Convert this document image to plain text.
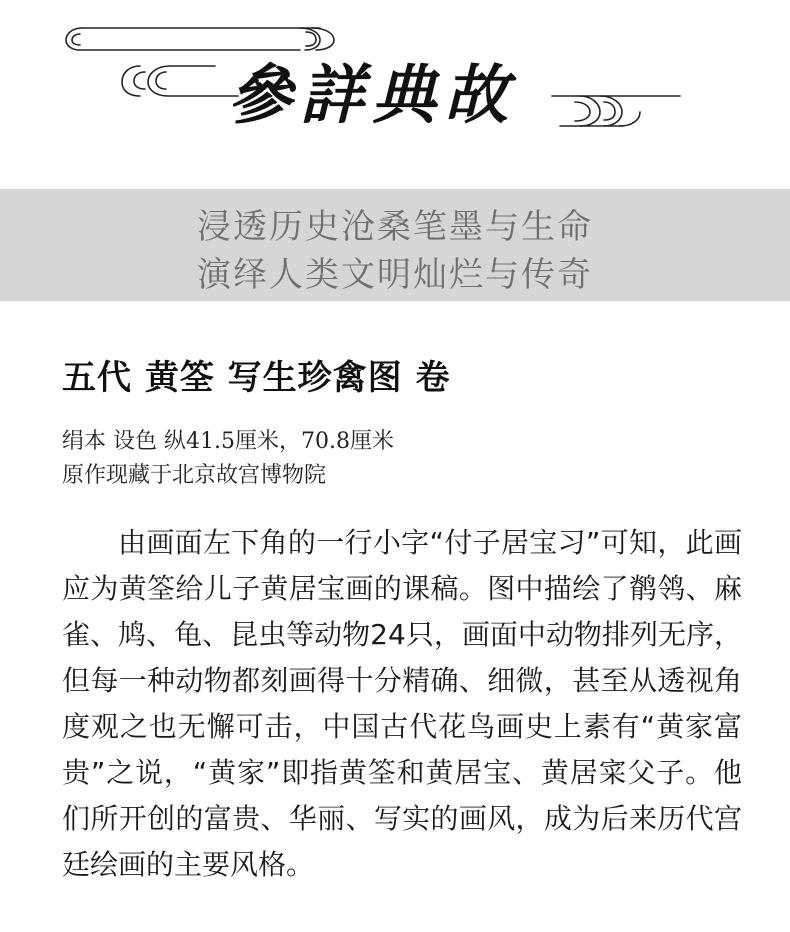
參詳典故
浸透历史沧桑笔墨与生命
演绎人类文明灿烂与传奇
五代 黄筌 写生珍禽图 卷
绢本 设色 纵41.5厘米，70.8厘米
原作现藏于北京故宫博物院

由画面左下角的一行小字“付子居宝习”可知，此画应为黄筌给儿子黄居宝画的课稿。图中描绘了鹡鸰、麻雀、鸠、龟、昆虫等动物24只，画面中动物排列无序，但每一种动物都刻画得十分精确、细微，甚至从透视角度观之也无懈可击，中国古代花鸟画史上素有“黄家富贵”之说，“黄家”即指黄筌和黄居宝、黄居寀父子。他们所开创的富贵、华丽、写实的画风，成为后来历代宫廷绘画的主要风格。
